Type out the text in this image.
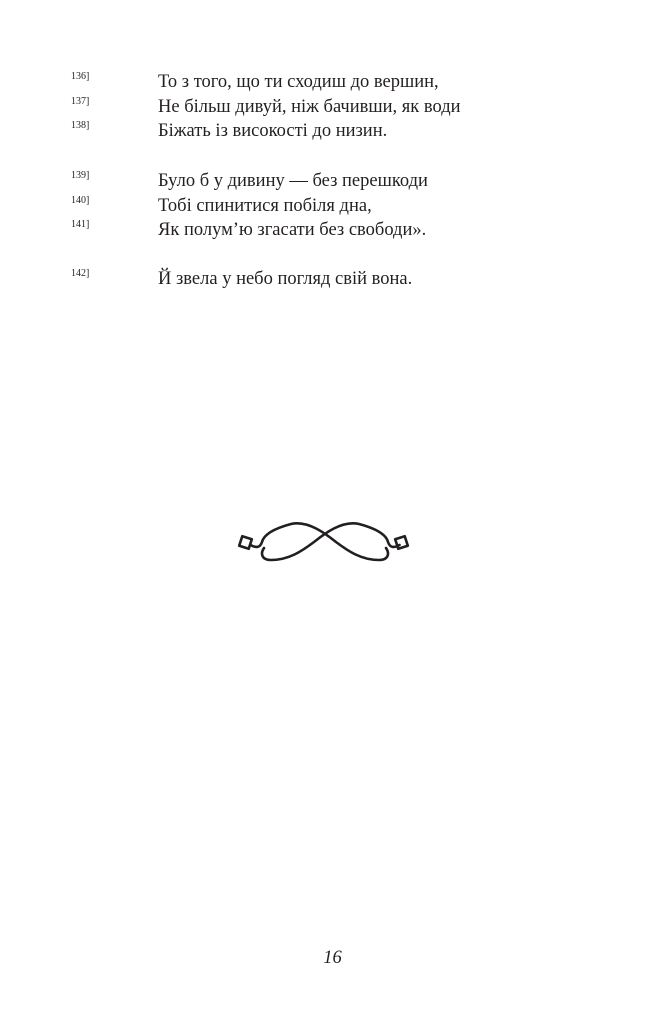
136]	То з того, що ти сходиш до вершин,
137]	Не більш дивуй, ніж бачивши, як води
138]	Біжать із високості до низин.
139]	Було б у дивину — без перешкоди
140]	Тобі спинитися побіля дна,
141]	Як полум’ю згасати без свободи».
142]	Й звела у небо погляд свій вона.
16
